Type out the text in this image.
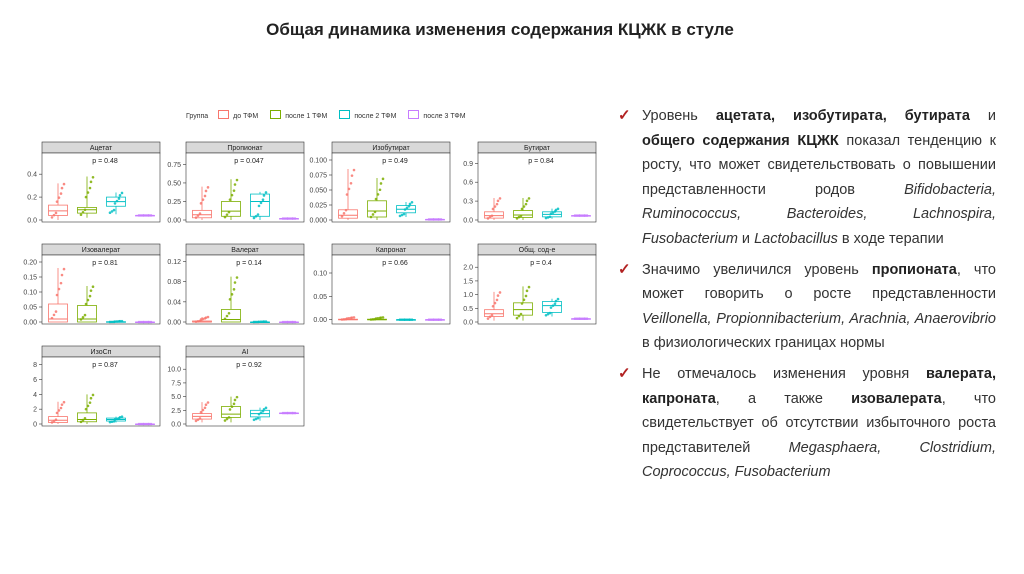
Общая динамика изменения содержания КЦЖК в стуле
Группа	до ТФМ	после 1 ТФМ	после 2 ТФМ	после 3 ТФМ
Ацетат
0.0
0.2
0.4
p = 0.48
Пропионат
0.00
0.25
0.50
0.75
p = 0.047
Изобутират
0.000
0.025
0.050
0.075
0.100	p = 0.49
Бутират
0.0
0.3
0.6
0.9	p = 0.84
Изовалерат
0.00
0.05
0.10
0.15
0.20	p = 0.81
Валерат
0.00
0.04
0.08
0.12	p = 0.14
Капронат
0.00
0.05
0.10
p = 0.66
Общ. сод-е
0.0
0.5
1.0
1.5
2.0
p = 0.4
ИзоСп
0
2
4
6
8	p = 0.87
AI
0.0
2.5
5.0
7.5
10.0
p = 0.92
✓ Уровень ацетата, изобутирата, бутирата и общего содержания КЦЖК показал тенденцию к росту, что может свидетельствовать о повышении представленности родов Bifidobacteria, Ruminococcus, Bacteroides, Lachnospira, Fusobacterium и Lactobacillus в ходе терапии
✓ Значимо увеличился уровень пропионата, что может говорить о росте представленности Veillonella, Propionnibacterium, Arachnia, Anaerovibrio в физиологических границах нормы
✓ Не отмечалось изменения уровня валерата, капроната, а также изовалерата, что свидетельствует об отсутствии избыточного роста представителей Megasphaera, Clostridium, Coprococcus, Fusobacterium
